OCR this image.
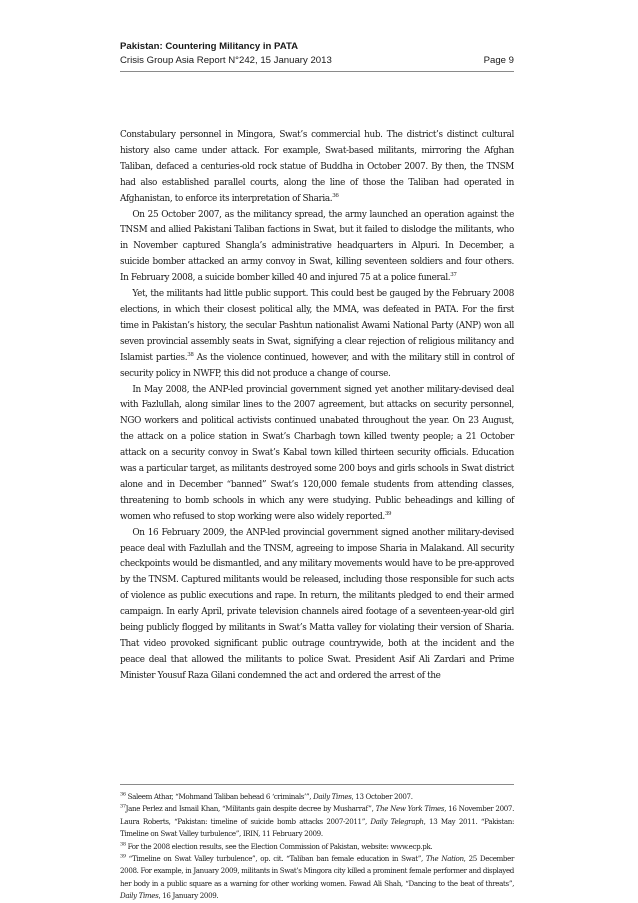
Pakistan: Countering Militancy in PATA
Crisis Group Asia Report N°242, 15 January 2013	Page 9

Constabulary personnel in Mingora, Swat’s commercial hub. The district’s distinct cultural history also came under attack. For example, Swat-based militants, mirroring the Afghan Taliban, defaced a centuries-old rock statue of Buddha in October 2007. By then, the TNSM had also established parallel courts, along the line of those the Taliban had operated in Afghanistan, to enforce its interpretation of Sharia.$^{36}$

On 25 October 2007, as the militancy spread, the army launched an operation against the TNSM and allied Pakistani Taliban factions in Swat, but it failed to dislodge the militants, who in November captured Shangla’s administrative headquarters in Alpuri. In December, a suicide bomber attacked an army convoy in Swat, killing seventeen soldiers and four others. In February 2008, a suicide bomber killed 40 and injured 75 at a police funeral.$^{37}$

Yet, the militants had little public support. This could best be gauged by the February 2008 elections, in which their closest political ally, the MMA, was defeated in PATA. For the first time in Pakistan’s history, the secular Pashtun nationalist Awami National Party (ANP) won all seven provincial assembly seats in Swat, signifying a clear rejection of religious militancy and Islamist parties.$^{38}$ As the violence continued, however, and with the military still in control of security policy in NWFP, this did not produce a change of course.

In May 2008, the ANP-led provincial government signed yet another military-devised deal with Fazlullah, along similar lines to the 2007 agreement, but attacks on security personnel, NGO workers and political activists continued unabated throughout the year. On 23 August, the attack on a police station in Swat’s Charbagh town killed twenty people; a 21 October attack on a security convoy in Swat’s Kabal town killed thirteen security officials. Education was a particular target, as militants destroyed some 200 boys and girls schools in Swat district alone and in December “banned” Swat’s 120,000 female students from attending classes, threatening to bomb schools in which any were studying. Public beheadings and killing of women who refused to stop working were also widely reported.$^{39}$

On 16 February 2009, the ANP-led provincial government signed another military-devised peace deal with Fazlullah and the TNSM, agreeing to impose Sharia in Malakand. All security checkpoints would be dismantled, and any military movements would have to be pre-approved by the TNSM. Captured militants would be released, including those responsible for such acts of violence as public executions and rape. In return, the militants pledged to end their armed campaign. In early April, private television channels aired footage of a seventeen-year-old girl being publicly flogged by militants in Swat’s Matta valley for violating their version of Sharia. That video provoked significant public outrage countrywide, both at the incident and the peace deal that allowed the militants to police Swat. President Asif Ali Zardari and Prime Minister Yousuf Raza Gilani condemned the act and ordered the arrest of the

$^{36}$ Saleem Athar, “Mohmand Taliban behead 6 ‘criminals’”, Daily Times, 13 October 2007.

$^{37}$Jane Perlez and Ismail Khan, “Militants gain despite decree by Musharraf”, The New York Times, 16 November 2007. Laura Roberts, “Pakistan: timeline of suicide bomb attacks 2007-2011”, Daily Telegraph, 13 May 2011. “Pakistan: Timeline on Swat Valley turbulence”, IRIN, 11 February 2009.

$^{38}$ For the 2008 election results, see the Election Commission of Pakistan, website: www.ecp.pk.

$^{39}$ “Timeline on Swat Valley turbulence”, op. cit. “Taliban ban female education in Swat”, The Nation, 25 December 2008. For example, in January 2009, militants in Swat’s Mingora city killed a prominent female performer and displayed her body in a public square as a warning for other working women. Fawad Ali Shah, “Dancing to the beat of threats”, Daily Times, 16 January 2009.
